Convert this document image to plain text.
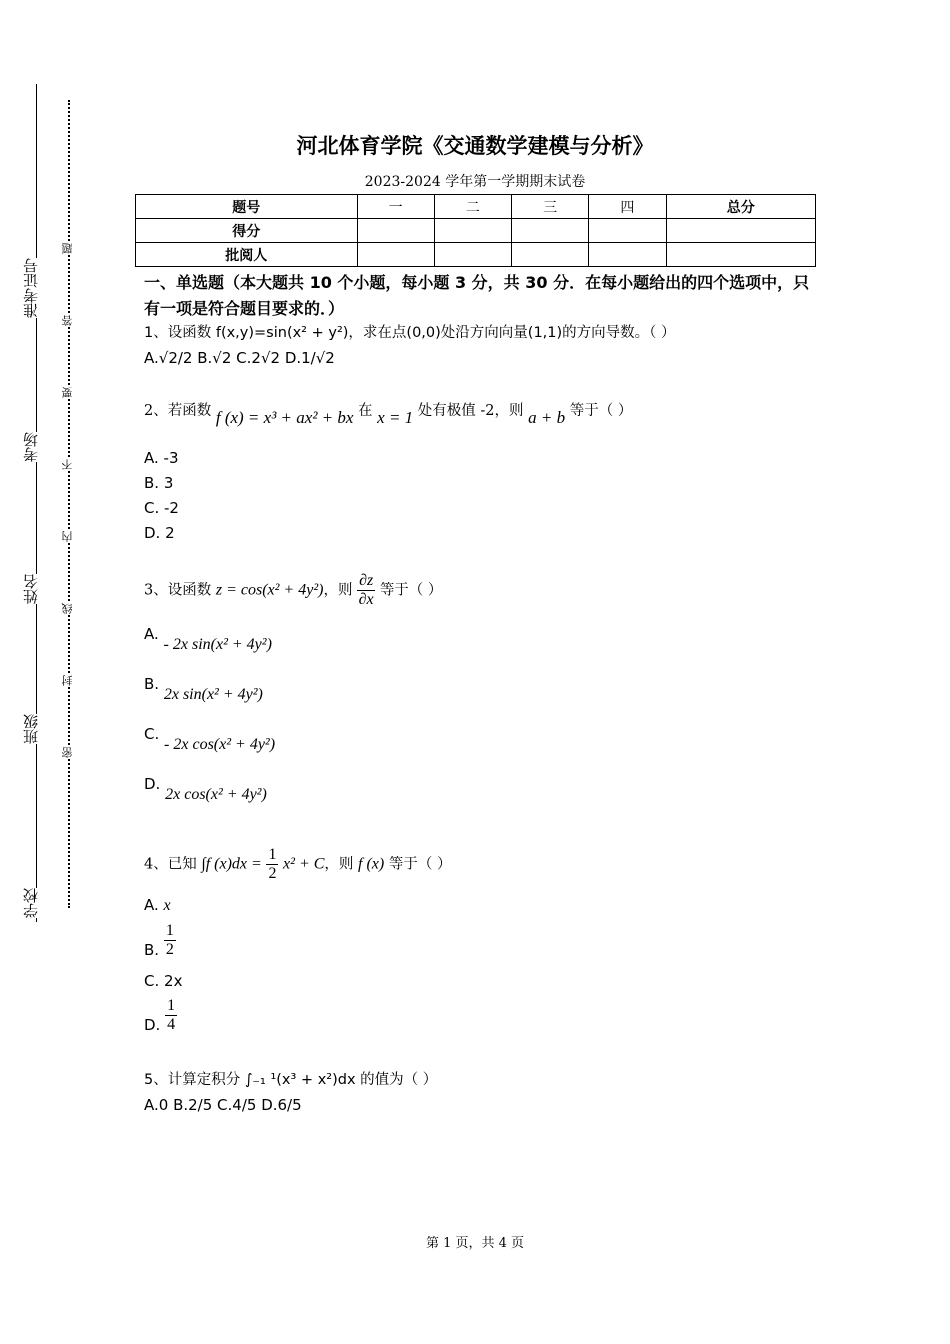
准考证号
考场
姓名
班级
学校
题
答
要
不
内
线
封
密
河北体育学院《交通数学建模与分析》
2023-2024 学年第一学期期末试卷
题号	一	二	三	四	总分
得分					
批阅人					
一、单选题（本大题共 10 个小题，每小题 3 分，共 30 分．在每小题给出的四个选项中，只有一项是符合题目要求的．）
1、设函数 f(x,y)=sin(x² + y²)，求在点(0,0)处沿方向向量(1,1)的方向导数。（ ）
A.√2/2 B.√2 C.2√2 D.1/√2
2、若函数 f (x) = x³ + ax² + bx 在 x = 1 处有极值 -2，则 a + b 等于（ ）
A. -3
B. 3
C. -2
D. 2
3、设函数 z = cos(x² + 4y²)，则 $\frac{\partial z}{\partial x}$ 等于（ ）
A. - 2x sin(x² + 4y²)
B. 2x sin(x² + 4y²)
C. - 2x cos(x² + 4y²)
D. 2x cos(x² + 4y²)
4、已知 ∫f $(x)dx = \frac{1}{2} x^2 + C$，则 f (x) 等于（ ）
A. x
B. $\frac{1}{2}$
C. 2x
D. $\frac{1}{4}$
5、计算定积分 ∫₋₁ ¹(x³ + x²)dx 的值为（ ）
A.0 B.2/5 C.4/5 D.6/5
第 1 页，共 4 页
